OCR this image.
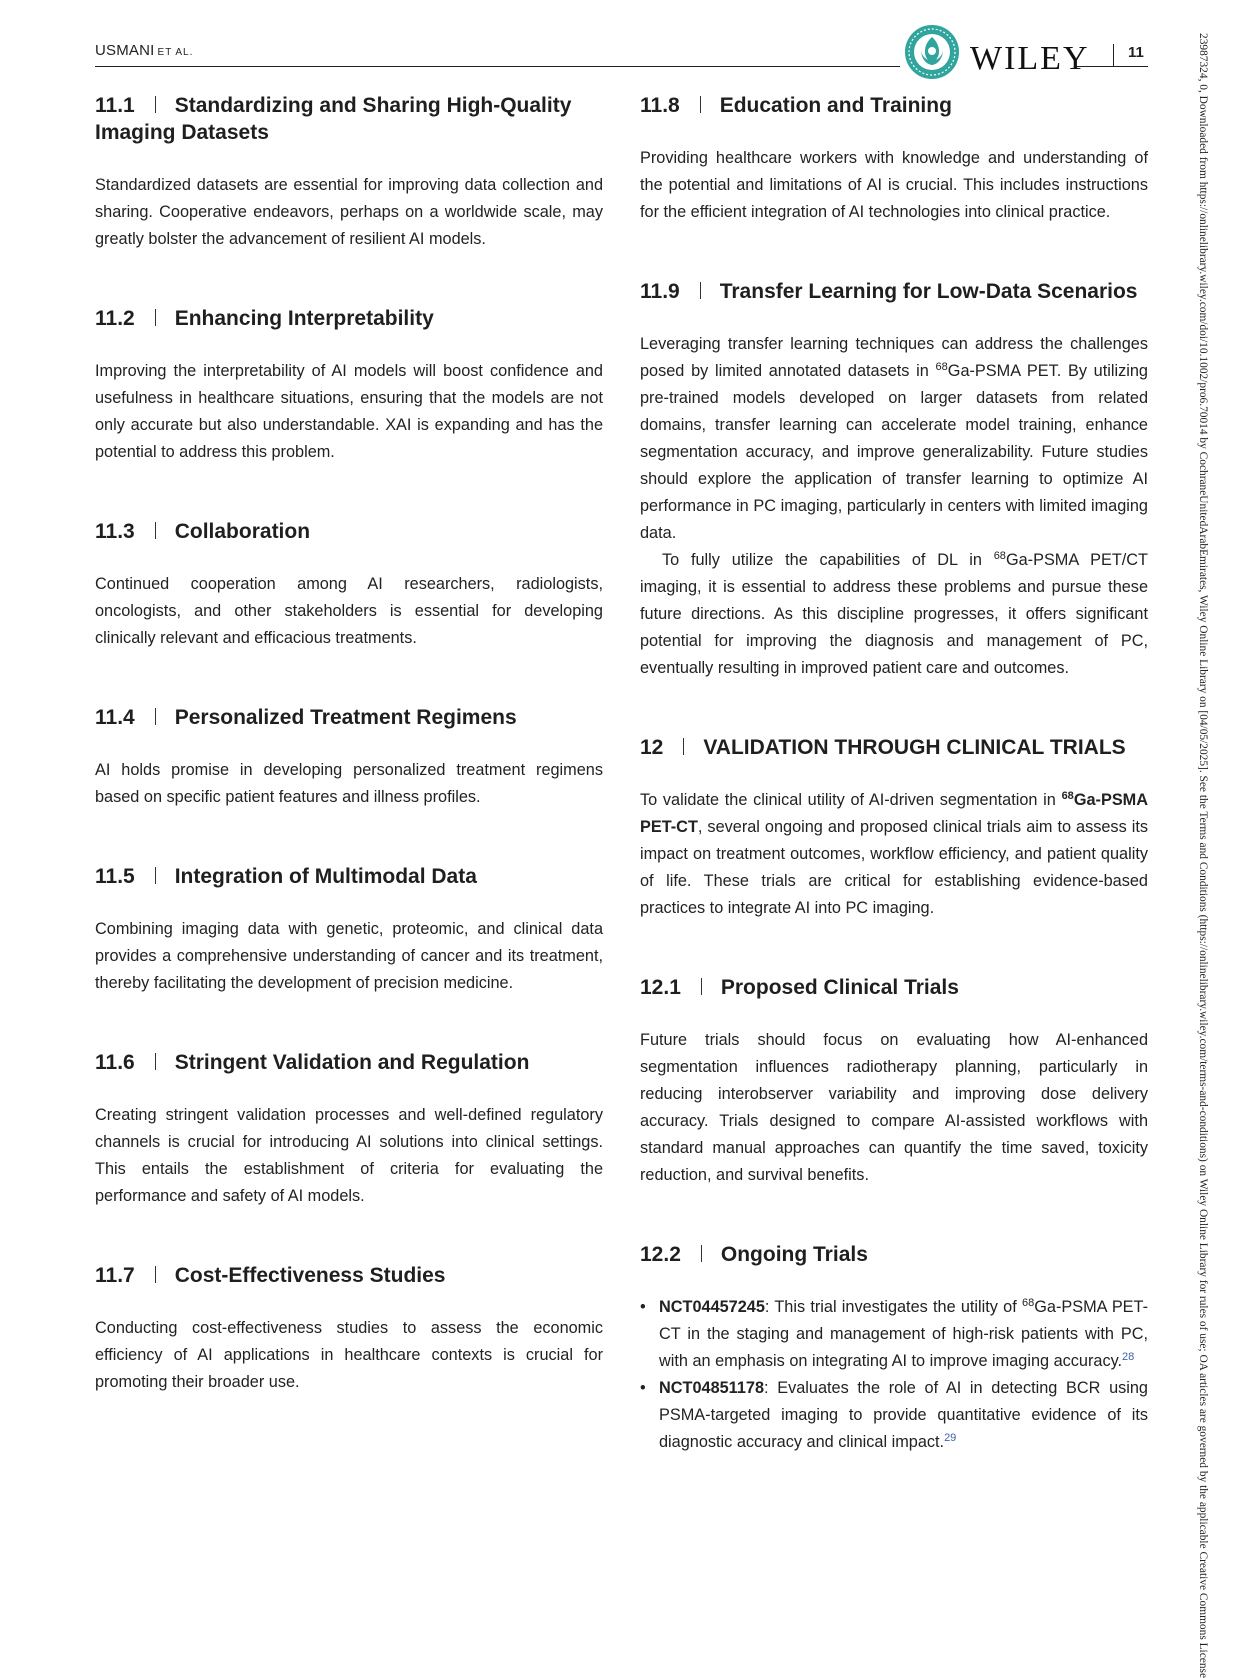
USMANI ET AL.	WILEY	11	23987324, 0, Downloaded from https://onlinelibrary.wiley.com/doi/10.1002/pro6.70014 by CochraneUnitedArabEmirates, Wiley Online Library on [04/05/2025]. See the Terms and Conditions (https://onlinelibrary.wiley.com/terms-and-conditions) on Wiley Online Library for rules of use; OA articles are governed by the applicable Creative Commons License
11.1 Standardizing and Sharing High-Quality Imaging Datasets

Standardized datasets are essential for improving data collection and sharing. Cooperative endeavors, perhaps on a worldwide scale, may greatly bolster the advancement of resilient AI models.

11.2 Enhancing Interpretability

Improving the interpretability of AI models will boost confidence and usefulness in healthcare situations, ensuring that the models are not only accurate but also understandable. XAI is expanding and has the potential to address this problem.

11.3 Collaboration

Continued cooperation among AI researchers, radiologists, oncologists, and other stakeholders is essential for developing clinically relevant and efficacious treatments.

11.4 Personalized Treatment Regimens

AI holds promise in developing personalized treatment regimens based on specific patient features and illness profiles.

11.5 Integration of Multimodal Data

Combining imaging data with genetic, proteomic, and clinical data provides a comprehensive understanding of cancer and its treatment, thereby facilitating the development of precision medicine.

11.6 Stringent Validation and Regulation

Creating stringent validation processes and well-defined regulatory channels is crucial for introducing AI solutions into clinical settings. This entails the establishment of criteria for evaluating the performance and safety of AI models.

11.7 Cost-Effectiveness Studies

Conducting cost-effectiveness studies to assess the economic efficiency of AI applications in healthcare contexts is crucial for promoting their broader use.

11.8 Education and Training

Providing healthcare workers with knowledge and understanding of the potential and limitations of AI is crucial. This includes instructions for the efficient integration of AI technologies into clinical practice.

11.9 Transfer Learning for Low-Data Scenarios

Leveraging transfer learning techniques can address the challenges posed by limited annotated datasets in $^{68}$Ga-PSMA PET. By utilizing pre-trained models developed on larger datasets from related domains, transfer learning can accelerate model training, enhance segmentation accuracy, and improve generalizability. Future studies should explore the application of transfer learning to optimize AI performance in PC imaging, particularly in centers with limited imaging data.

To fully utilize the capabilities of DL in $^{68}$Ga-PSMA PET/CT imaging, it is essential to address these problems and pursue these future directions. As this discipline progresses, it offers significant potential for improving the diagnosis and management of PC, eventually resulting in improved patient care and outcomes.

12 VALIDATION THROUGH CLINICAL TRIALS

To validate the clinical utility of AI-driven segmentation in $^{68}$Ga-PSMA PET-CT, several ongoing and proposed clinical trials aim to assess its impact on treatment outcomes, workflow efficiency, and patient quality of life. These trials are critical for establishing evidence-based practices to integrate AI into PC imaging.

12.1 Proposed Clinical Trials

Future trials should focus on evaluating how AI-enhanced segmentation influences radiotherapy planning, particularly in reducing interobserver variability and improving dose delivery accuracy. Trials designed to compare AI-assisted workflows with standard manual approaches can quantify the time saved, toxicity reduction, and survival benefits.

12.2 Ongoing Trials
• NCT04457245: This trial investigates the utility of $^{68}$Ga-PSMA PET-CT in the staging and management of high-risk patients with PC, with an emphasis on integrating AI to improve imaging accuracy.$^{28}$
• NCT04851178: Evaluates the role of AI in detecting BCR using PSMA-targeted imaging to provide quantitative evidence of its diagnostic accuracy and clinical impact.$^{29}$
